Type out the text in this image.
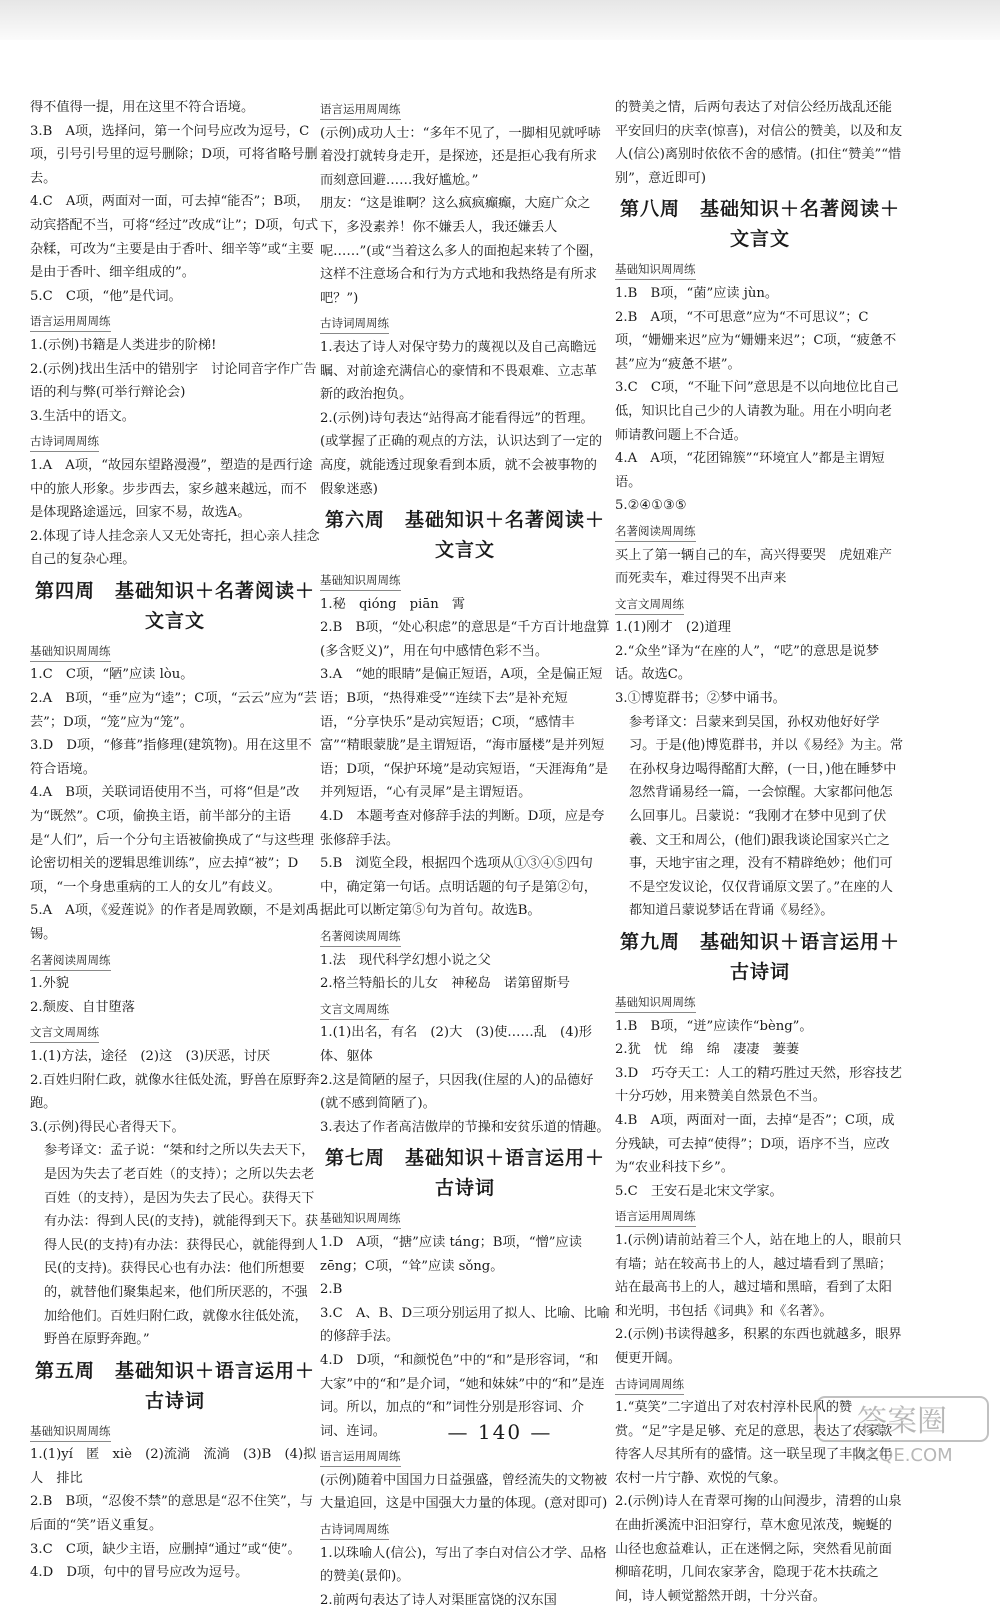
得不值得一提，用在这里不符合语境。
3.B　A项，选择问，第一个问号应改为逗号，C项，引号引号里的逗号删除；D项，可将省略号删去。
4.C　A项，两面对一面，可去掉“能否”；B项，动宾搭配不当，可将“经过”改成“让”；D项，句式杂糅，可改为“主要是由于香叶、细辛等”或“主要是由于香叶、细辛组成的”。
5.C　C项，“他”是代词。
语言运用周周练
1.(示例)书籍是人类进步的阶梯!
2.(示例)找出生活中的错别字　讨论同音字作广告语的利与弊(可举行辩论会)
3.生活中的语文。
古诗词周周练
1.A　A项，“故园东望路漫漫”，塑造的是西行途中的旅人形象。步步西去，家乡越来越远，而不是体现路途遥远，回家不易，故选A。
2.体现了诗人挂念亲人又无处寄托，担心亲人挂念自己的复杂心理。
第四周　基础知识＋名著阅读＋文言文
基础知识周周练
1.C　C项，“陋”应读 lòu。
2.A　B项，“垂”应为“逵”；C项，“云云”应为“芸芸”；D项，“笼”应为“笼”。
3.D　D项，“修葺”指修理(建筑物)。用在这里不符合语境。
4.A　B项，关联词语使用不当，可将“但是”改为“既然”。C项，偷换主语，前半部分的主语是“人们”，后一个分句主语被偷换成了“与这些理论密切相关的逻辑思维训练”，应去掉“被”；D项，“一个身患重病的工人的女儿”有歧义。
5.A　A项，《爱莲说》的作者是周敦颐，不是刘禹锡。
名著阅读周周练
1.外貌
2.颓废、自甘堕落
文言文周周练
1.(1)方法，途径　(2)这　(3)厌恶，讨厌
2.百姓归附仁政，就像水往低处流，野兽在原野奔跑。
3.(示例)得民心者得天下。
参考译文：孟子说：“桀和纣之所以失去天下，是因为失去了老百姓（的支持）；之所以失去老百姓（的支持），是因为失去了民心。获得天下有办法：得到人民(的支持)，就能得到天下。获得人民(的支持)有办法：获得民心，就能得到人民(的支持)。获得民心也有办法：他们所想要的，就替他们聚集起来，他们所厌恶的，不强加给他们。百姓归附仁政，就像水往低处流，野兽在原野奔跑。”
第五周　基础知识＋语言运用＋古诗词
基础知识周周练
1.(1)yí　匿　xiè　(2)流淌　流淌　(3)B　(4)拟人　排比
2.B　B项，“忍俊不禁”的意思是“忍不住笑”，与后面的“笑”语义重复。
3.C　C项，缺少主语，应删掉“通过”或“使”。
4.D　D项，句中的冒号应改为逗号。
语言运用周周练
(示例)成功人士：“多年不见了，一脚相见就呼哧着没打就转身走开，是探迹，还是拒心我有所求而刻意回避……我好尴尬。”
朋友：“这是谁啊？这么疯疯癫癫，大庭广众之下，多没素养！你不嫌丢人，我还嫌丢人呢……”(或“当着这么多人的面抱起来转了个圈，这样不注意场合和行为方式地和我热络是有所求吧？”)
古诗词周周练
1.表达了诗人对保守势力的蔑视以及自己高瞻远瞩、对前途充满信心的豪情和不畏艰难、立志革新的政治抱负。
2.(示例)诗句表达“站得高才能看得远”的哲理。(或掌握了正确的观点的方法，认识达到了一定的高度，就能透过现象看到本质，就不会被事物的假象迷惑)
第六周　基础知识＋名著阅读＋文言文
基础知识周周练
1.秘　qióng　piān　霄
2.B　B项，“处心积虑”的意思是“千方百计地盘算(多含贬义)”，用在句中感情色彩不当。
3.A　“她的眼睛”是偏正短语，A项，全是偏正短语；B项，“热得难受”“连续下去”是补充短语，“分享快乐”是动宾短语；C项，“感情丰富”“精眼蒙胧”是主谓短语，“海市蜃楼”是并列短语；D项，“保护环境”是动宾短语，“天涯海角”是并列短语，“心有灵犀”是主谓短语。
4.D　本题考查对修辞手法的判断。D项，应是夸张修辞手法。
5.B　浏览全段，根据四个选项从①③④⑤四句中，确定第一句话。点明话题的句子是第②句，据此可以断定第⑤句为首句。故选B。
名著阅读周周练
1.法　现代科学幻想小说之父
2.格兰特船长的儿女　神秘岛　诺第留斯号
文言文周周练
1.(1)出名，有名　(2)大　(3)使……乱　(4)形体、躯体
2.这是简陋的屋子，只因我(住屋的人)的品德好(就不感到简陋了)。
3.表达了作者高洁傲岸的节操和安贫乐道的情趣。
第七周　基础知识＋语言运用＋古诗词
基础知识周周练
1.D　A项，“搪”应读 táng；B项，“憎”应读 zēng；C项，“耸”应读 sǒng。
2.B
3.C　A、B、D三项分别运用了拟人、比喻、比喻的修辞手法。
4.D　D项，“和颜悦色”中的“和”是形容词，“和大家”中的“和”是介词，“她和妹妹”中的“和”是连词。所以，加点的“和”词性分别是形容词、介词、连词。
语言运用周周练
(示例)随着中国国力日益强盛，曾经流失的文物被大量追回，这是中国强大力量的体现。(意对即可)
古诗词周周练
1.以珠喻人(信公)，写出了李白对信公才学、品格的赞美(景仰)。
2.前两句表达了诗人对渠匪富饶的汉东国
的赞美之情，后两句表达了对信公经历战乱还能平安回归的庆幸(惊喜)，对信公的赞美，以及和友人(信公)离别时依依不舍的感情。(扣住“赞美”“惜别”，意近即可)
第八周　基础知识＋名著阅读＋文言文
基础知识周周练
1.B　B项，“菌”应读 jùn。
2.B　A项，“不可思意”应为“不可思议”；C项，“姗姗来迟”应为“姗姗来迟”；C项，“疲惫不甚”应为“疲惫不堪”。
3.C　C项，“不耻下问”意思是不以向地位比自己低，知识比自己少的人请教为耻。用在小明向老师请教问题上不合适。
4.A　A项，“花团锦簇”“环境宜人”都是主谓短语。
5.②④①③⑤
名著阅读周周练
买上了第一辆自己的车，高兴得要哭　虎妞难产而死卖车，难过得哭不出声来
文言文周周练
1.(1)刚才　(2)道理
2.“众坐”译为“在座的人”，“呓”的意思是说梦话。故选C。
3.①博览群书；②梦中诵书。
参考译文：吕蒙来到吴国，孙权劝他好好学习。于是(他)博览群书，并以《易经》为主。常在孙权身边喝得酩酊大醉，(一日，)他在睡梦中忽然背诵易经一篇，一会惊醒。大家都问他怎么回事儿。吕蒙说：“我刚才在梦中见到了伏羲、文王和周公，(他们)跟我谈论国家兴亡之事，天地宇宙之理，没有不精辟绝妙；他们可不是空发议论，仅仅背诵原文罢了。”在座的人都知道吕蒙说梦话在背诵《易经》。
第九周　基础知识＋语言运用＋古诗词
基础知识周周练
1.B　B项，“迸”应读作“bèng”。
2.犹　忧　绵　绵　凄凄　萋萋
3.D　巧夺天工：人工的精巧胜过天然，形容技艺十分巧妙，用来赞美自然景色不当。
4.B　A项，两面对一面，去掉“是否”；C项，成分残缺，可去掉“使得”；D项，语序不当，应改为“农业科技下乡”。
5.C　王安石是北宋文学家。
语言运用周周练
1.(示例)请前站着三个人，站在地上的人，眼前只有墙；站在较高书上的人，越过墙看到了黑暗；站在最高书上的人，越过墙和黑暗，看到了太阳和光明，书包括《词典》和《名著》。
2.(示例)书读得越多，积累的东西也就越多，眼界便更开阔。
古诗词周周练
1.“莫笑”二字道出了对农村淳朴民风的赞赏。“足”字是足够、充足的意思，表达了农家款待客人尽其所有的盛情。这一联呈现了丰收之年农村一片宁静、欢悦的气象。
2.(示例)诗人在青翠可掬的山间漫步，清碧的山泉在曲折溪流中汩汩穿行，草木愈见浓茂，蜿蜒的山径也愈益难认，正在迷惘之际，突然看见前面柳暗花明，几间农家茅舍，隐现于花木扶疏之间，诗人顿觉豁然开朗，十分兴奋。
— 140 —	答案圈
MXQE.COM
